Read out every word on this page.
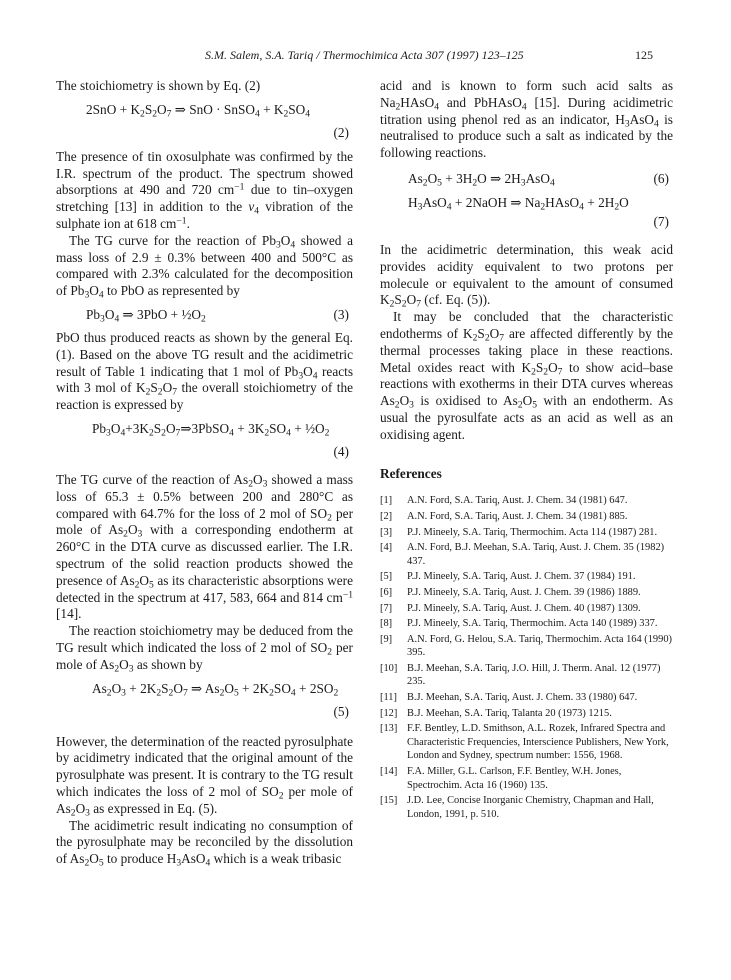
S.M. Salem, S.A. Tariq / Thermochimica Acta 307 (1997) 123–125	125

The stoichiometry is shown by Eq. (2)

$2SnO + K_2S_2O_7$ ⇒ SnO · SnSO$_4$ + $K_2SO_4$
(2)

The presence of tin oxosulphate was confirmed by the I.R. spectrum of the product. The spectrum showed absorptions at 490 and 720 $cm^{-1}$ due to tin–oxygen stretching [13] in addition to the $\nu_4$ vibration of the sulphate ion at 618 $cm^{-1}$.

The TG curve for the reaction of $Pb_3O_4$ showed a mass loss of 2.9 ± 0.3% between 400 and 500°C as compared with 2.3% calculated for the decomposition of $Pb_3O_4$ to PbO as represented by

$Pb_3O_4$ ⇒ $3PbO + \frac{1}{2}O_2$	(3)

PbO thus produced reacts as shown by the general Eq. (1). Based on the above TG result and the acidimetric result of Table 1 indicating that 1 mol of $Pb_3O_4$ reacts with 3 mol of $K_2S_2O_7$ the overall stoichiometry of the reaction is expressed by

$Pb_3O_4+3K_2S_2O_7\Rightarrow 3PbSO_4 + 3K_2SO_4$ + $\frac{1}{2}O_2$
(4)

The TG curve of the reaction of $As_2O_3$ showed a mass loss of 65.3 ± 0.5% between 200 and 280°C as compared with 64.7% for the loss of 2 mol of $SO_2$ per mole of $As_2O_3$ with a corresponding endotherm at 260°C in the DTA curve as discussed earlier. The I.R. spectrum of the solid reaction products showed the presence of $As_2O_5$ as its characteristic absorptions were detected in the spectrum at 417, 583, 664 and 814 $cm^{-1}$ [14].

The reaction stoichiometry may be deduced from the TG result which indicated the loss of 2 mol of $SO_2$ per mole of $As_2O_3$ as shown by

$As_2O_3 + 2K_2S_2O_7$ ⇒ $As_2O_5 + 2K_2SO_4 + 2SO_2$
(5)

However, the determination of the reacted pyrosulphate by acidimetry indicated that the original amount of the pyrosulphate was present. It is contrary to the TG result which indicates the loss of 2 mol of $SO_2$ per mole of $As_2O_3$ as expressed in Eq. (5).

The acidimetric result indicating no consumption of the pyrosulphate may be reconciled by the dissolution of $As_2O_5$ to produce $H_3AsO_4$ which is a weak tribasic

acid and is known to form such acid salts as $Na_2HAsO_4$ and PbHAsO$_4$ [15]. During acidimetric titration using phenol red as an indicator, $H_3AsO_4$ is neutralised to produce such a salt as indicated by the following reactions.

$As_2O_5 + 3H_2O$ ⇒ $2H_3AsO_4$	(6)
$H_3AsO_4$ + 2NaOH ⇒ $Na_2HAsO_4 + 2H_2O$
(7)

In the acidimetric determination, this weak acid provides acidity equivalent to two protons per molecule or equivalent to the amount of consumed $K_2S_2O_7$ (cf. Eq. (5)).

It may be concluded that the characteristic endotherms of $K_2S_2O_7$ are affected differently by the thermal processes taking place in these reactions. Metal oxides react with $K_2S_2O_7$ to show acid–base reactions with exotherms in their DTA curves whereas $As_2O_3$ is oxidised to $As_2O_5$ with an endotherm. As usual the pyrosulfate acts as an acid as well as an oxidising agent.

References
[1]	A.N. Ford, S.A. Tariq, Aust. J. Chem. 34 (1981) 647.
[2]	A.N. Ford, S.A. Tariq, Aust. J. Chem. 34 (1981) 885.
[3]	P.J. Mineely, S.A. Tariq, Thermochim. Acta 114 (1987) 281.
[4]	A.N. Ford, B.J. Meehan, S.A. Tariq, Aust. J. Chem. 35 (1982) 437.
[5]	P.J. Mineely, S.A. Tariq, Aust. J. Chem. 37 (1984) 191.
[6]	P.J. Mineely, S.A. Tariq, Aust. J. Chem. 39 (1986) 1889.
[7]	P.J. Mineely, S.A. Tariq, Aust. J. Chem. 40 (1987) 1309.
[8]	P.J. Mineely, S.A. Tariq, Thermochim. Acta 140 (1989) 337.
[9]	A.N. Ford, G. Helou, S.A. Tariq, Thermochim. Acta 164 (1990) 395.
[10] B.J. Meehan, S.A. Tariq, J.O. Hill, J. Therm. Anal. 12 (1977) 235.
[11] B.J. Meehan, S.A. Tariq, Aust. J. Chem. 33 (1980) 647.
[12] B.J. Meehan, S.A. Tariq, Talanta 20 (1973) 1215.
[13] F.F. Bentley, L.D. Smithson, A.L. Rozek, Infrared Spectra and Characteristic Frequencies, Interscience Publishers, New York, London and Sydney, spectrum number: 1556, 1968.
[14] F.A. Miller, G.L. Carlson, F.F. Bentley, W.H. Jones, Spectrochim. Acta 16 (1960) 135.
[15] J.D. Lee, Concise Inorganic Chemistry, Chapman and Hall, London, 1991, p. 510.
